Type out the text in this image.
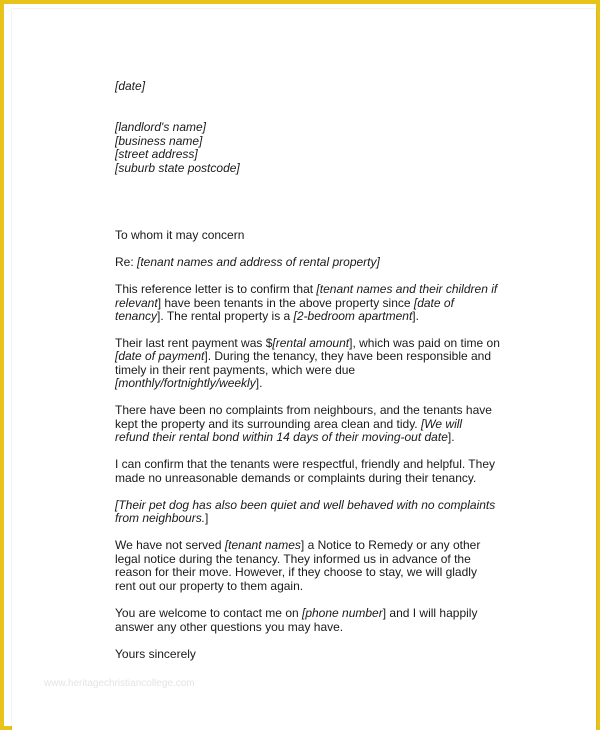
[date]
[landlord's name]
[business name]
[street address]
[suburb state postcode]
To whom it may concern
Re: [tenant names and address of rental property]
This reference letter is to confirm that [tenant names and their children if
relevant] have been tenants in the above property since [date of
tenancy]. The rental property is a [2-bedroom apartment].
Their last rent payment was $[rental amount], which was paid on time on
[date of payment]. During the tenancy, they have been responsible and
timely in their rent payments, which were due
[monthly/fortnightly/weekly].
There have been no complaints from neighbours, and the tenants have
kept the property and its surrounding area clean and tidy. [We will
refund their rental bond within 14 days of their moving-out date].
I can confirm that the tenants were respectful, friendly and helpful. They
made no unreasonable demands or complaints during their tenancy.
[Their pet dog has also been quiet and well behaved with no complaints
from neighbours.]
We have not served [tenant names] a Notice to Remedy or any other
legal notice during the tenancy. They informed us in advance of the
reason for their move. However, if they choose to stay, we will gladly
rent out our property to them again.
You are welcome to contact me on [phone number] and I will happily
answer any other questions you may have.
Yours sincerely
www.heritagechristiancollege.com
